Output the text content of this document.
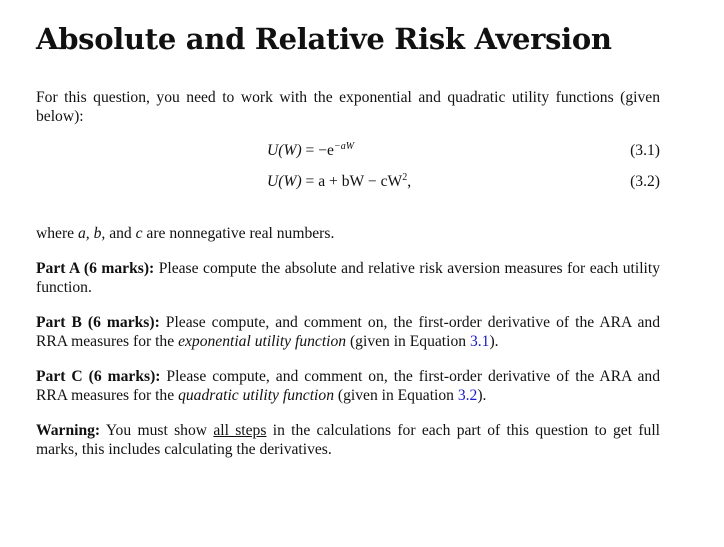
Absolute and Relative Risk Aversion
For this question, you need to work with the exponential and quadratic utility functions (given below):
$U(W) = -e^{-aW}$	(3.1)
U(W) = a + bW − $cW^2$,	(3.2)
where a, b, and c are nonnegative real numbers.
Part A (6 marks): Please compute the absolute and relative risk aversion measures for each utility function.
Part B (6 marks): Please compute, and comment on, the first-order derivative of the ARA and RRA measures for the exponential utility function (given in Equation 3.1).
Part C (6 marks): Please compute, and comment on, the first-order derivative of the ARA and RRA measures for the quadratic utility function (given in Equation 3.2).
Warning: You must show all steps in the calculations for each part of this question to get full marks, this includes calculating the derivatives.
